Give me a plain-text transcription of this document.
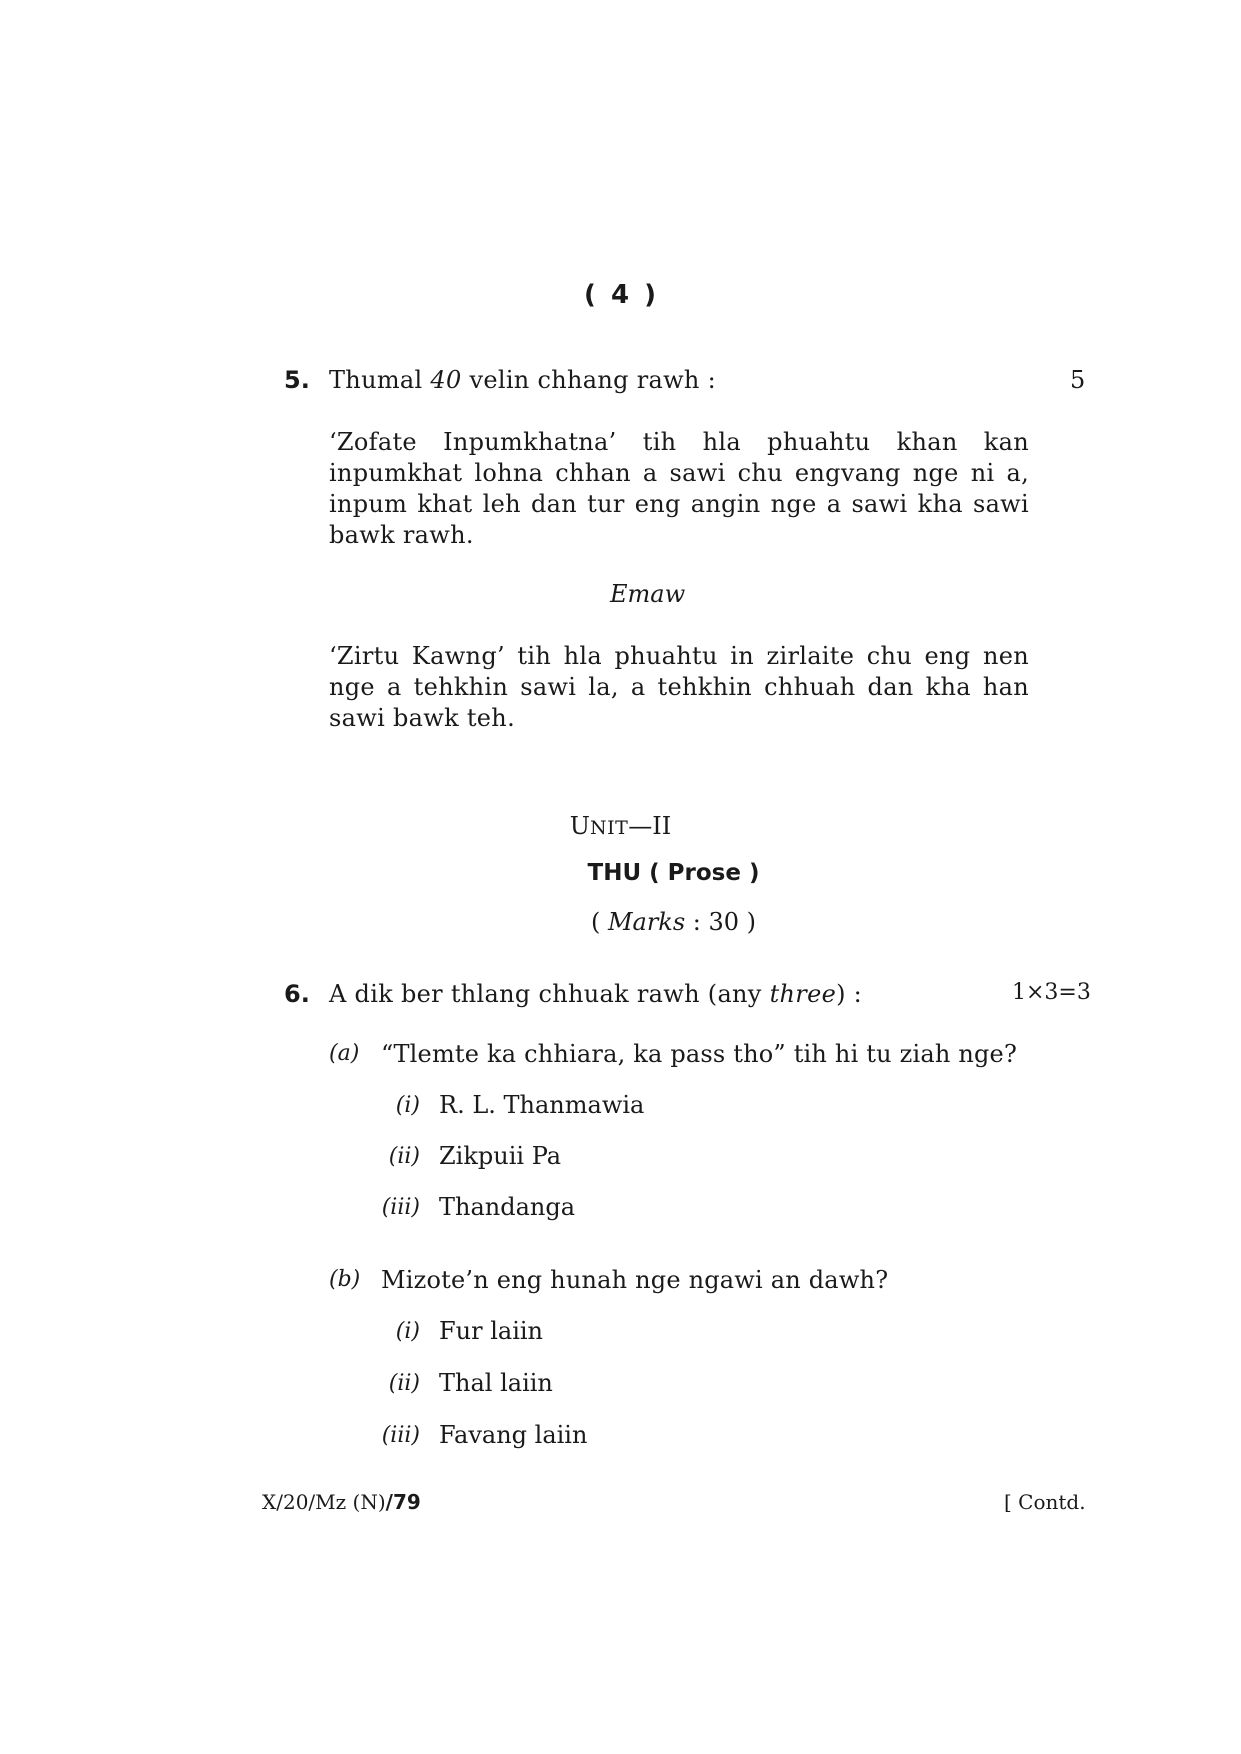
( 4 )
5. Thumal 40 velin chhang rawh :	5
‘Zofate Inpumkhatna’ tih hla phuahtu khan kan inpumkhat lohna chhan a sawi chu engvang nge ni a, inpum khat leh dan tur eng angin nge a sawi kha sawi bawk rawh.
Emaw
‘Zirtu Kawng’ tih hla phuahtu in zirlaite chu eng nen nge a tehkhin sawi la, a tehkhin chhuah dan kha han sawi bawk teh.
UNIT—II
THU ( Prose )
( Marks : 30 )
6. A dik ber thlang chhuak rawh (any three) :	1×3=3
(a) “Tlemte ka chhiara, ka pass tho” tih hi tu ziah nge?
(i) R. L. Thanmawia
(ii) Zikpuii Pa
(iii) Thandanga
(b) Mizote’n eng hunah nge ngawi an dawh?
(i) Fur laiin
(ii) Thal laiin
(iii) Favang laiin
X/20/Mz (N)/79	[ Contd.
